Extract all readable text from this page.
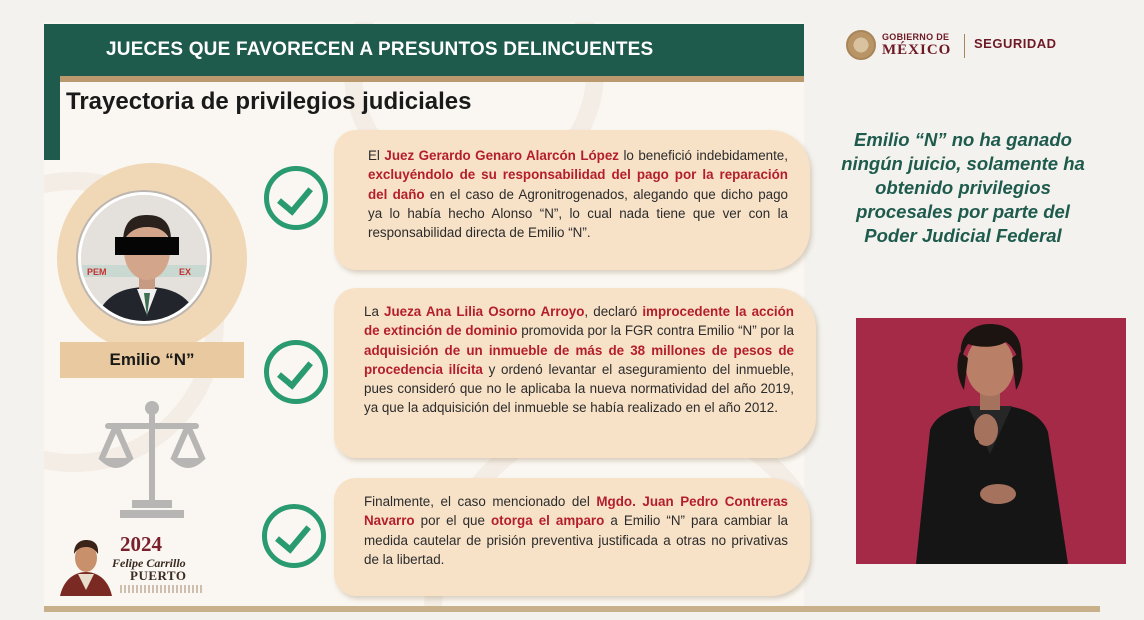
JUECES QUE FAVORECEN A PRESUNTOS DELINCUENTES
Trayectoria de privilegios judiciales
PEM	EX
Emilio “N”

El Juez Gerardo Genaro Alarcón López lo benefició indebidamente, excluyéndolo de su responsabilidad del pago por la reparación del daño en el caso de Agronitrogenados, alegando que dicho pago ya lo había hecho Alonso “N”, lo cual nada tiene que ver con la responsabilidad directa de Emilio “N”.

La Jueza Ana Lilia Osorno Arroyo, declaró improcedente la acción de extinción de dominio promovida por la FGR contra Emilio “N” por la adquisición de un inmueble de más de 38 millones de pesos de procedencia ilícita y ordenó levantar el aseguramiento del inmueble, pues consideró que no le aplicaba la nueva normatividad del año 2019, ya que la adquisición del inmueble se había realizado en el año 2012.

Finalmente, el caso mencionado del Mgdo. Juan Pedro Contreras Navarro por el que otorga el amparo a Emilio “N” para cambiar la medida cautelar de prisión preventiva justificada a otras no privativas de la libertad.

2024
Felipe Carrillo
PUERTO
GOBIERNO DE
MÉXICO SEGURIDAD
Emilio “N” no ha ganado ningún juicio, solamente ha obtenido privilegios procesales por parte del Poder Judicial Federal
